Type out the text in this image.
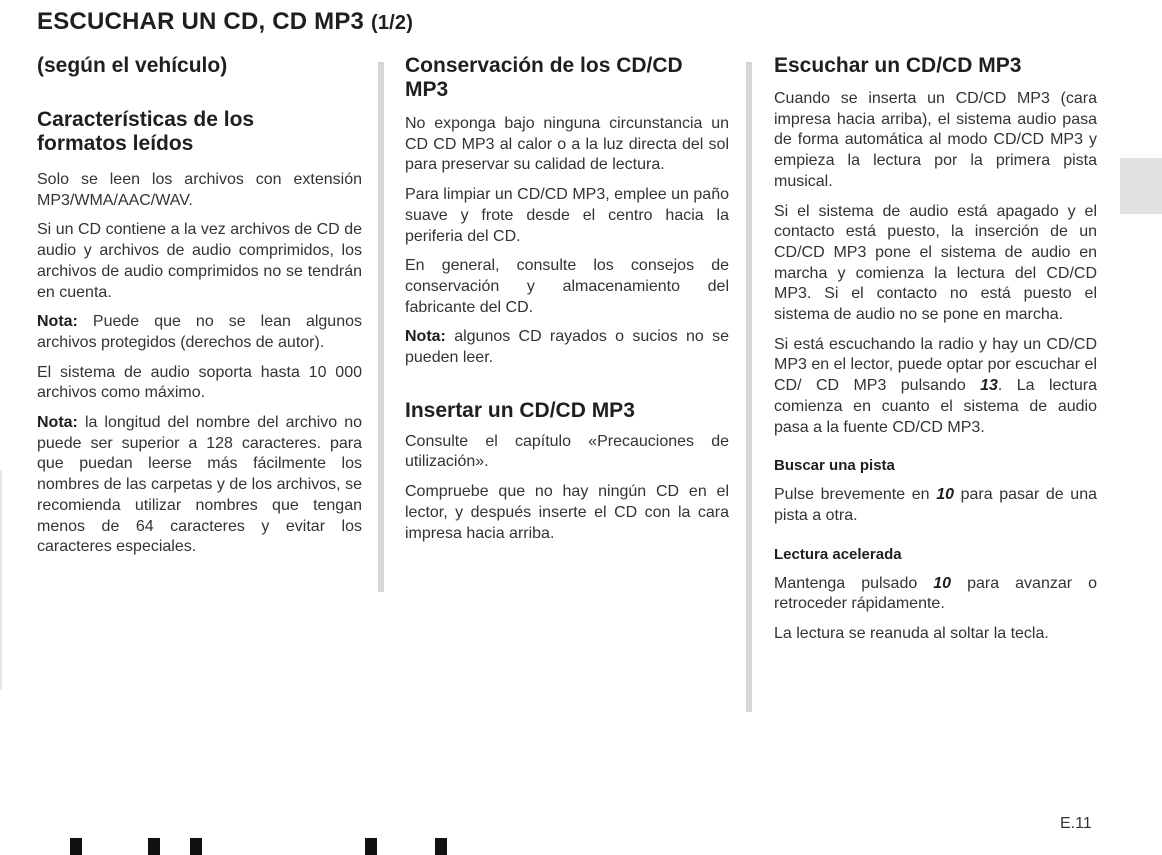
ESCUCHAR UN CD, CD MP3 (1/2)
(según el vehículo)
Características de los formatos leídos

Solo se leen los archivos con extensión MP3/WMA/AAC/WAV.

Si un CD contiene a la vez archivos de CD de audio y archivos de audio comprimidos, los archivos de audio comprimidos no se tendrán en cuenta.

Nota: Puede que no se lean algunos archivos protegidos (derechos de autor).

El sistema de audio soporta hasta 10 000 archivos como máximo.

Nota: la longitud del nombre del archivo no puede ser superior a 128 caracteres. para que puedan leerse más fácilmente los nombres de las carpetas y de los archivos, se recomienda utilizar nombres que tengan menos de 64 caracteres y evitar los caracteres especiales.

Conservación de los CD/CD MP3

No exponga bajo ninguna circunstancia un CD CD MP3 al calor o a la luz directa del sol para preservar su calidad de lectura.

Para limpiar un CD/CD MP3, emplee un paño suave y frote desde el centro hacia la periferia del CD.

En general, consulte los consejos de conservación y almacenamiento del fabricante del CD.

Nota: algunos CD rayados o sucios no se pueden leer.

Insertar un CD/CD MP3

Consulte el capítulo «Precauciones de utilización».

Compruebe que no hay ningún CD en el lector, y después inserte el CD con la cara impresa hacia arriba.

Escuchar un CD/CD MP3

Cuando se inserta un CD/CD MP3 (cara impresa hacia arriba), el sistema audio pasa de forma automática al modo CD/CD MP3 y empieza la lectura por la primera pista musical.

Si el sistema de audio está apagado y el contacto está puesto, la inserción de un CD/CD MP3 pone el sistema de audio en marcha y comienza la lectura del CD/CD MP3. Si el contacto no está puesto el sistema de audio no se pone en marcha.

Si está escuchando la radio y hay un CD/CD MP3 en el lector, puede optar por escuchar el CD/ CD MP3 pulsando 13. La lectura comienza en cuanto el sistema de audio pasa a la fuente CD/CD MP3.

Buscar una pista

Pulse brevemente en 10 para pasar de una pista a otra.

Lectura acelerada

Mantenga pulsado 10 para avanzar o retroceder rápidamente.

La lectura se reanuda al soltar la tecla.

E.11
